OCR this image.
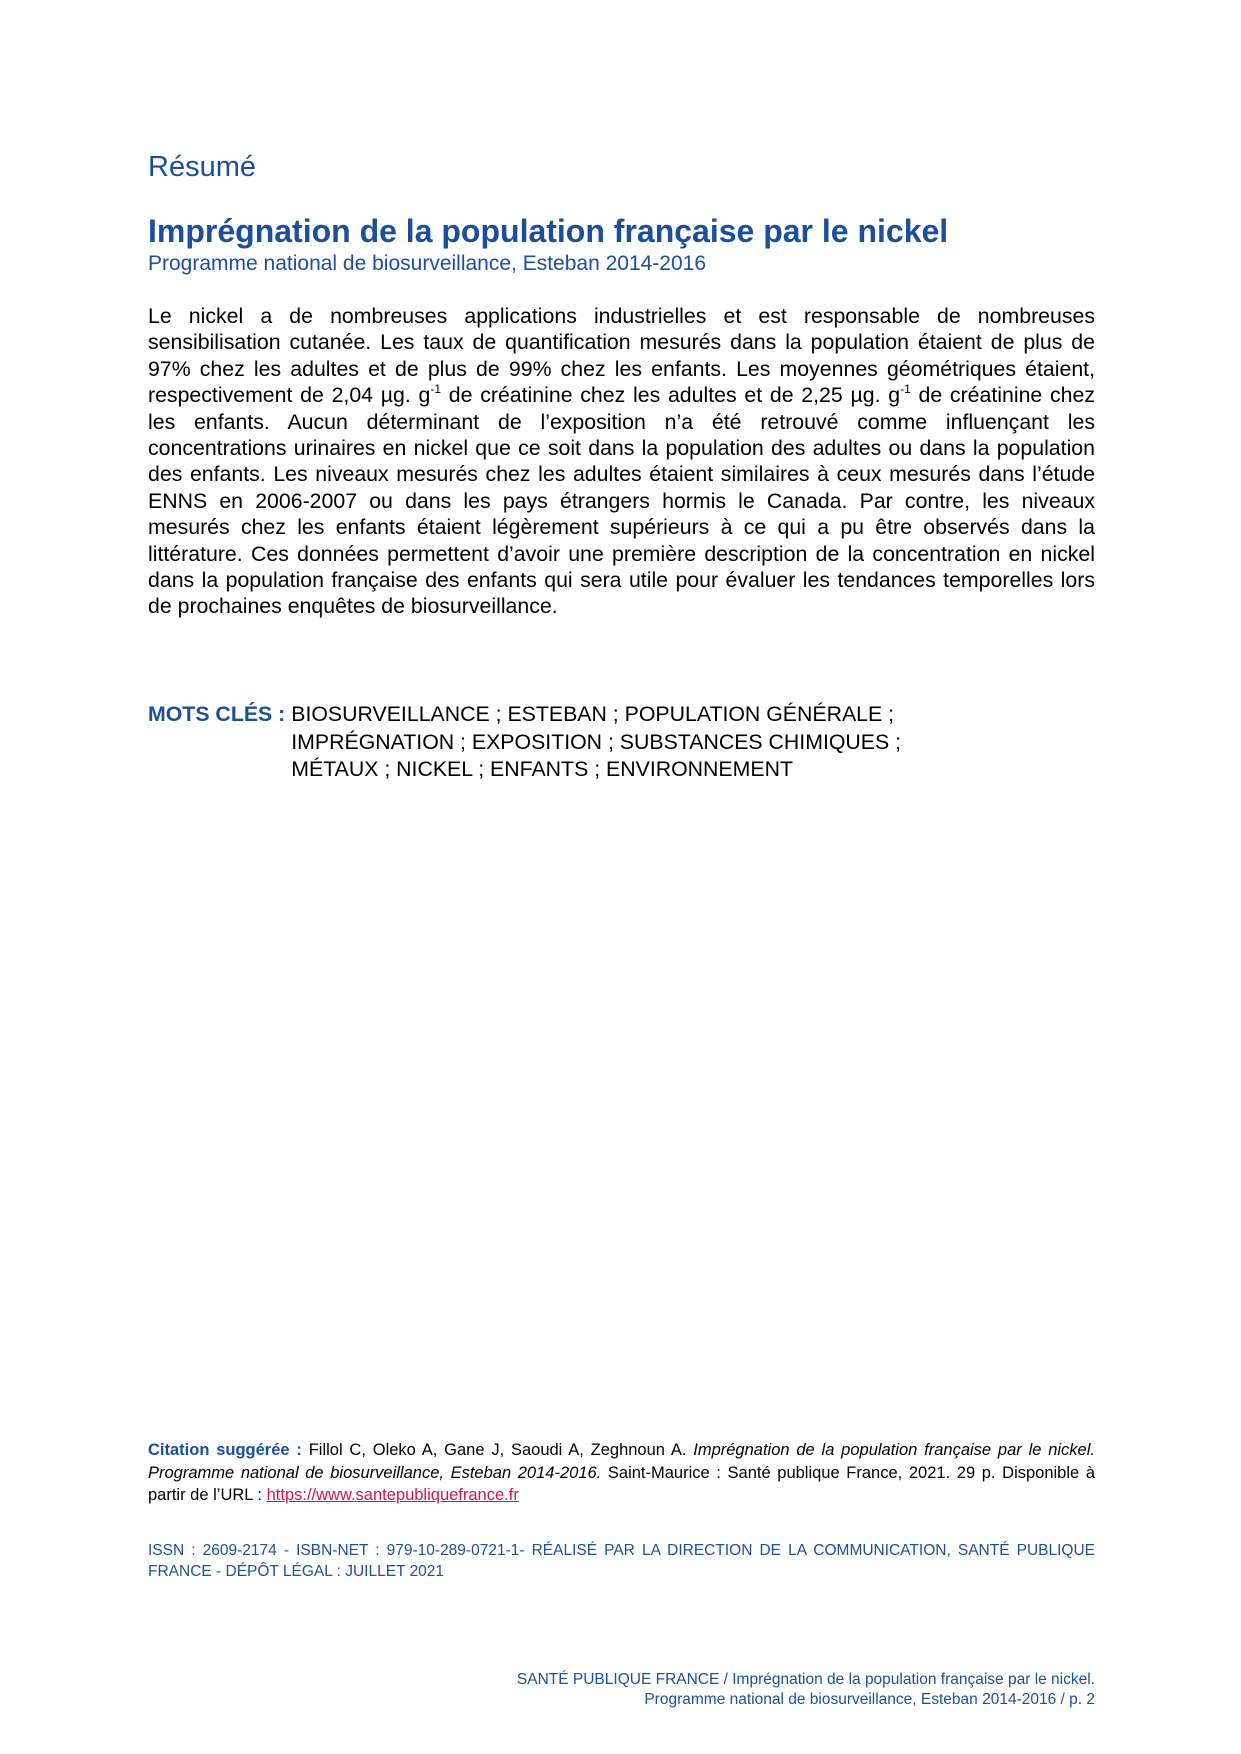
Résumé
Imprégnation de la population française par le nickel

Programme national de biosurveillance, Esteban 2014-2016

Le nickel a de nombreuses applications industrielles et est responsable de nombreuses sensibilisation cutanée. Les taux de quantification mesurés dans la population étaient de plus de 97% chez les adultes et de plus de 99% chez les enfants. Les moyennes géométriques étaient, respectivement de 2,04 µg. $g^{-1}$ de créatinine chez les adultes et de 2,25 µg. $g^{-1}$ de créatinine chez les enfants. Aucun déterminant de l’exposition n’a été retrouvé comme influençant les concentrations urinaires en nickel que ce soit dans la population des adultes ou dans la population des enfants. Les niveaux mesurés chez les adultes étaient similaires à ceux mesurés dans l’étude ENNS en 2006-2007 ou dans les pays étrangers hormis le Canada. Par contre, les niveaux mesurés chez les enfants étaient légèrement supérieurs à ce qui a pu être observés dans la littérature. Ces données permettent d’avoir une première description de la concentration en nickel dans la population française des enfants qui sera utile pour évaluer les tendances temporelles lors de prochaines enquêtes de biosurveillance.

MOTS CLÉS : BIOSURVEILLANCE ; ESTEBAN ; POPULATION GÉNÉRALE ;
IMPRÉGNATION ; EXPOSITION ; SUBSTANCES CHIMIQUES ;
MÉTAUX ; NICKEL ; ENFANTS ; ENVIRONNEMENT

Citation suggérée : Fillol C, Oleko A, Gane J, Saoudi A, Zeghnoun A. Imprégnation de la population française par le nickel. Programme national de biosurveillance, Esteban 2014-2016. Saint-Maurice : Santé publique France, 2021. 29 p. Disponible à partir de l’URL : https://www.santepubliquefrance.fr

ISSN : 2609-2174 - ISBN-NET : 979-10-289-0721-1- RÉALISÉ PAR LA DIRECTION DE LA COMMUNICATION, SANTÉ PUBLIQUE FRANCE - DÉPÔT LÉGAL : JUILLET 2021

SANTÉ PUBLIQUE FRANCE / Imprégnation de la population française par le nickel.
Programme national de biosurveillance, Esteban 2014-2016 / p. 2
